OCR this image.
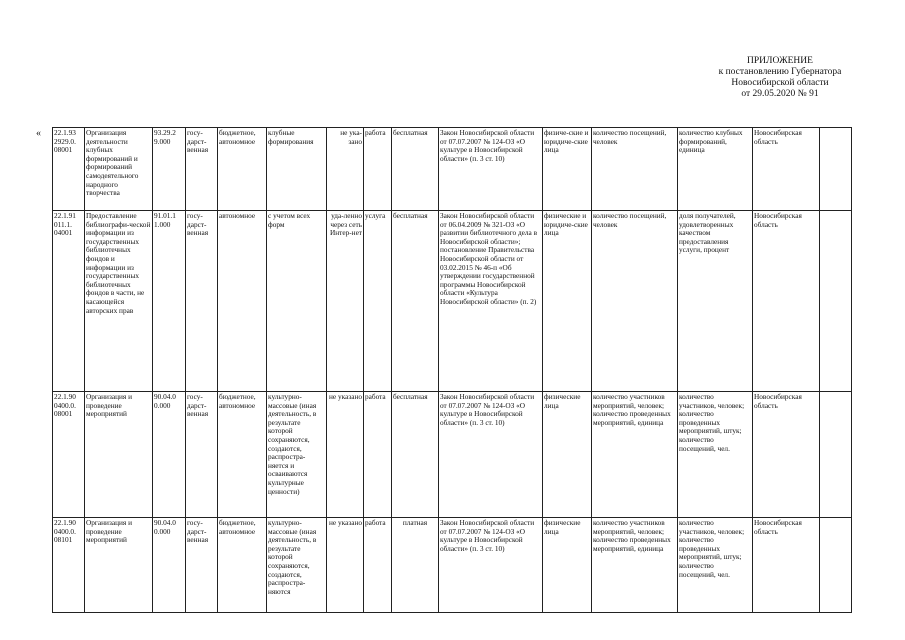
ПРИЛОЖЕНИЕ
к постановлению Губернатора
Новосибирской области
от 29.05.2020 № 91
« 22.1.93 2929.0. 08001	Организация деятельности клубных формирований и формирований самодеятельного народного творчества	93.29.2 9.000	госу-дарст-венная	бюджетное, автономное	клубные формирования	не ука-зано	работа	бесплатная	Закон Новосибирской области от 07.07.2007 № 124-ОЗ «О культуре в Новосибирской области» (п. 3 ст. 10)	физиче-ские и юридиче-ские лица	количество посещений, человек	количество клубных формирований, единица	Новосибирская область	
22.1.91 011.1. 04001	Предоставление библиографи-ческой информации из государственных библиотечных фондов и информации из государственных библиотечных фондов в части, не касающейся авторских прав	91.01.1 1.000	госу-дарст-венная	автономное	с учетом всех форм	уда-ленно через сеть Интер-нет	услуга	бесплатная	Закон Новосибирской области от 06.04.2009 № 321-ОЗ «О развитии библиотечного дела в Новосибирской области»; постановление Правительства Новосибирской области от 03.02.2015 № 46-п «Об утверждении государственной программы Новосибирской области «Культура Новосибирской области» (п. 2)	физические и юридиче-ские лица	количество посещений, человек	доля получателей, удовлетворенных качеством предоставления услуги, процент	Новосибирская область	
22.1.90 0400.0. 08001	Организация и проведение мероприятий	90.04.0 0.000	госу-дарст-венная	бюджетное, автономное	культурно-массовые (иная деятельность, в результате которой сохраняются, создаются, распростра-няется и осваиваются культурные ценности)	не указано	работа	бесплатная	Закон Новосибирской области от 07.07.2007 № 124-ОЗ «О культуре в Новосибирской области» (п. 3 ст. 10)	физические лица	количество участников мероприятий, человек; количество проведенных мероприятий, единица	количество участников, человек; количество проведенных мероприятий, штук; количество посещений, чел.	Новосибирская область	
22.1.90 0400.0. 08101	Организация и проведение мероприятий	90.04.0 0.000	госу-дарст-венная	бюджетное, автономное	культурно-массовые (иная деятельность, в результате которой сохраняются, создаются, распростра-няются	не указано	работа	платная	Закон Новосибирской области от 07.07.2007 № 124-ОЗ «О культуре в Новосибирской области» (п. 3 ст. 10)	физические лица	количество участников мероприятий, человек; количество проведенных мероприятий, единица	количество участников, человек; количество проведенных мероприятий, штук; количество посещений, чел.	Новосибирская область	
